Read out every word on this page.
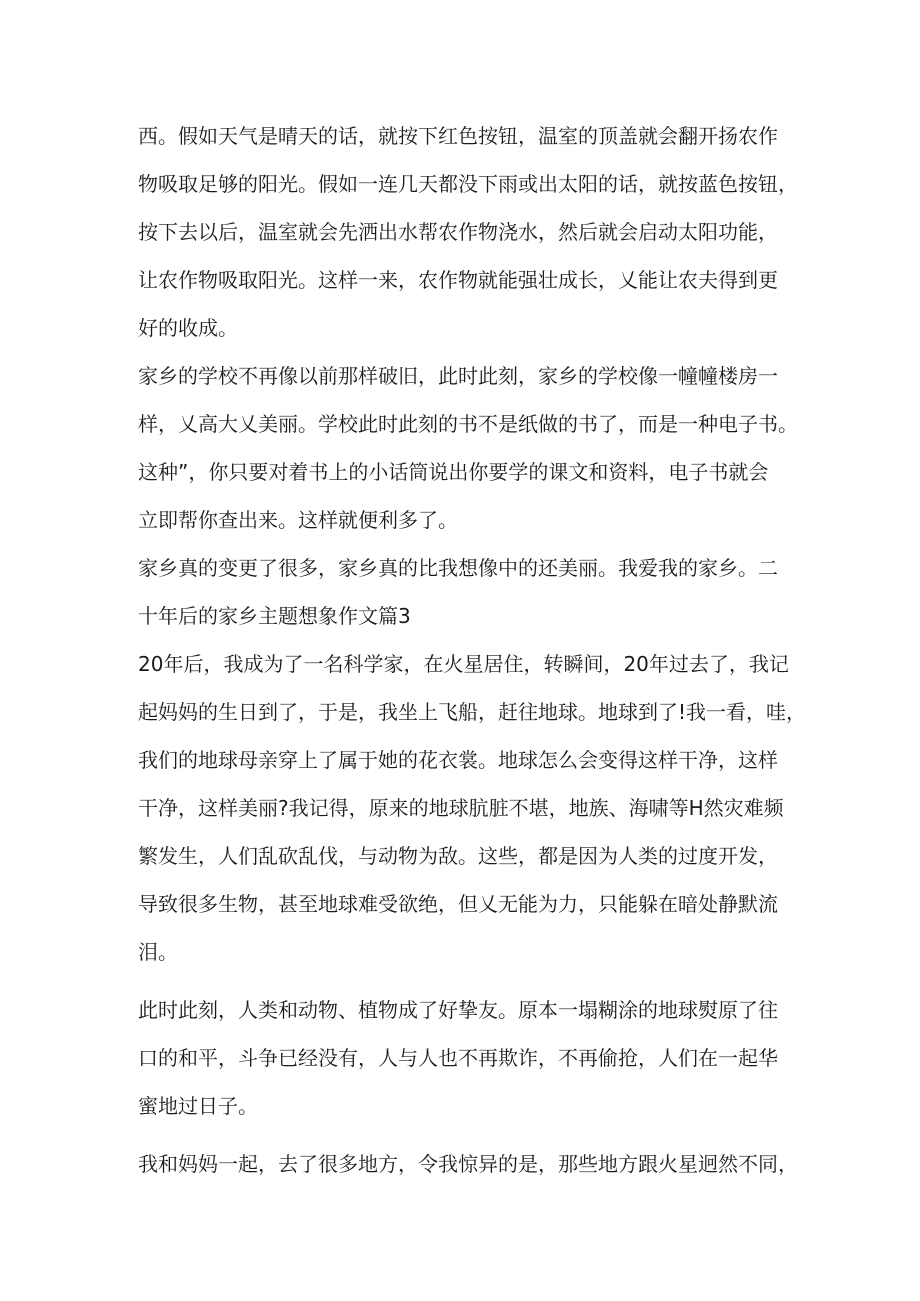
西。假如天气是晴天的话，就按下红色按钮，温室的顶盖就会翻开扬农作
物吸取足够的阳光。假如一连几天都没下雨或出太阳的话，就按蓝色按钮，
按下去以后，温室就会先洒出水帮农作物浇水，然后就会启动太阳功能，
让农作物吸取阳光。这样一来，农作物就能强壮成长，乂能让农夫得到更
好的收成。
家乡的学校不再像以前那样破旧，此时此刻，家乡的学校像一幢幢楼房一
样，乂高大乂美丽。学校此时此刻的书不是纸做的书了，而是一种电子书。
这种”，你只要对着书上的小话筒说出你要学的课文和资料，电子书就会
立即帮你查出来。这样就便利多了。
家乡真的变更了很多，家乡真的比我想像中的还美丽。我爱我的家乡。二
十年后的家乡主题想象作文篇3
20年后，我成为了一名科学家，在火星居住，转瞬间，20年过去了，我记
起妈妈的生日到了，于是，我坐上飞船，赶往地球。地球到了!我一看，哇，
我们的地球母亲穿上了属于她的花衣裳。地球怎么会变得这样干净，这样
干净，这样美丽?我记得，原来的地球肮脏不堪，地族、海啸等H然灾难频
繁发生，人们乱砍乱伐，与动物为敌。这些，都是因为人类的过度开发，
导致很多生物，甚至地球难受欲绝，但乂无能为力，只能躲在暗处静默流
泪。
此时此刻，人类和动物、植物成了好挚友。原本一塌糊涂的地球熨原了往
口的和平，斗争已经没有，人与人也不再欺诈，不再偷抢，人们在一起华
蜜地过日子。
我和妈妈一起，去了很多地方，令我惊异的是，那些地方跟火星迥然不同，
